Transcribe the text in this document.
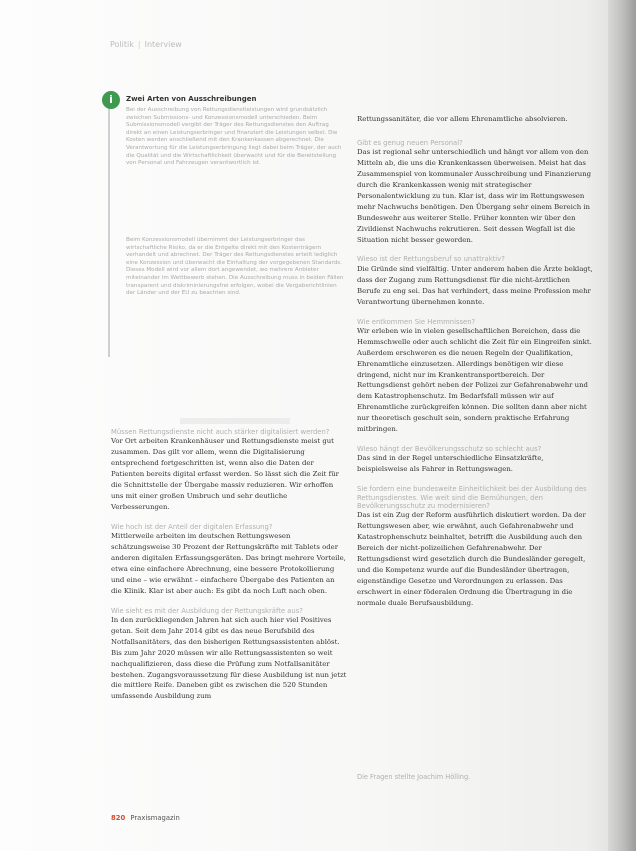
Politik | Interview
i	Zwei Arten von Ausschreibungen
Bei der Ausschreibung von Rettungsdienstleistungen wird grundsätzlich zwischen Submissions- und Konzessionsmodell unterschieden. Beim Submissionsmodell vergibt der Träger des Rettungsdienstes den Auftrag direkt an einen Leistungserbringer und finanziert die Leistungen selbst. Die Kosten werden anschließend mit den Krankenkassen abgerechnet. Die Verantwortung für die Leistungserbringung liegt dabei beim Träger, der auch die Qualität und die Wirtschaftlichkeit überwacht und für die Bereitstellung von Personal und Fahrzeugen verantwortlich ist.
Beim Konzessionsmodell übernimmt der Leistungserbringer das wirtschaftliche Risiko, da er die Entgelte direkt mit den Kostenträgern verhandelt und abrechnet. Der Träger des Rettungsdienstes erteilt lediglich eine Konzession und überwacht die Einhaltung der vorgegebenen Standards. Dieses Modell wird vor allem dort angewendet, wo mehrere Anbieter miteinander im Wettbewerb stehen. Die Ausschreibung muss in beiden Fällen transparent und diskriminierungsfrei erfolgen, wobei die Vergaberichtlinien der Länder und der EU zu beachten sind.

Müssen Rettungsdienste nicht auch stärker digitalisiert werden?

Vor Ort arbeiten Krankenhäuser und Rettungsdienste meist gut zusammen. Das gilt vor allem, wenn die Digitalisierung entsprechend fortgeschritten ist, wenn also die Daten der Patienten bereits digital erfasst werden. So lässt sich die Zeit für die Schnittstelle der Übergabe massiv reduzieren. Wir erhoffen uns mit einer großen Umbruch und sehr deutliche Verbesserungen.

Wie hoch ist der Anteil der digitalen Erfassung?

Mittlerweile arbeiten im deutschen Rettungswesen schätzungsweise 30 Prozent der Rettungskräfte mit Tablets oder anderen digitalen Erfassungsgeräten. Das bringt mehrere Vorteile, etwa eine einfachere Abrechnung, eine bessere Protokollierung und eine – wie erwähnt – einfachere Übergabe des Patienten an die Klinik. Klar ist aber auch: Es gibt da noch Luft nach oben.

Wie sieht es mit der Ausbildung der Rettungskräfte aus?

In den zurückliegenden Jahren hat sich auch hier viel Positives getan. Seit dem Jahr 2014 gibt es das neue Berufsbild des Notfallsanitäters, das den bisherigen Rettungsassistenten ablöst. Bis zum Jahr 2020 müssen wir alle Rettungsassistenten so weit nachqualifizieren, dass diese die Prüfung zum Notfallsanitäter bestehen. Zugangsvoraussetzung für diese Ausbildung ist nun jetzt die mittlere Reife. Daneben gibt es zwischen die 520 Stunden umfassende Ausbildung zum

Rettungssanitäter, die vor allem Ehrenamtliche absolvieren.

Gibt es genug neuen Personal?

Das ist regional sehr unterschiedlich und hängt vor allem von den Mitteln ab, die uns die Krankenkassen überweisen. Meist hat das Zusammenspiel von kommunaler Ausschreibung und Finanzierung durch die Krankenkassen wenig mit strategischer Personalentwicklung zu tun. Klar ist, dass wir im Rettungswesen mehr Nachwuchs benötigen. Den Übergang sehr einem Bereich in Bundeswehr aus weiterer Stelle. Früher konnten wir über den Zivildienst Nachwuchs rekrutieren. Seit dessen Wegfall ist die Situation nicht besser geworden.

Wieso ist der Rettungsberuf so unattraktiv?

Die Gründe sind vielfältig. Unter anderem haben die Ärzte beklagt, dass der Zugang zum Rettungsdienst für die nicht-ärztlichen Berufe zu eng sei. Das hat verhindert, dass meine Profession mehr Verantwortung übernehmen konnte.

Wie entkommen Sie Hemmnissen?

Wir erleben wie in vielen gesellschaftlichen Bereichen, dass die Hemmschwelle oder auch schlicht die Zeit für ein Eingreifen sinkt. Außerdem erschweren es die neuen Regeln der Qualifikation, Ehrenamtliche einzusetzen. Allerdings benötigen wir diese dringend, nicht nur im Krankentransportbereich. Der Rettungsdienst gehört neben der Polizei zur Gefahrenabwehr und dem Katastrophenschutz. Im Bedarfsfall müssen wir auf Ehrenamtliche zurückgreifen können. Die sollten dann aber nicht nur theoretisch geschult sein, sondern praktische Erfahrung mitbringen.

Wieso hängt der Bevölkerungsschutz so schlecht aus?

Das sind in der Regel unterschiedliche Einsatzkräfte, beispielsweise als Fahrer in Rettungswagen.

Sie fordern eine bundesweite Einheitlichkeit bei der Ausbildung des Rettungsdienstes. Wie weit sind die Bemühungen, den Bevölkerungsschutz zu modernisieren?

Das ist ein Zug der Reform ausführlich diskutiert worden. Da der Rettungswesen aber, wie erwähnt, auch Gefahrenabwehr und Katastrophenschutz beinhaltet, betrifft die Ausbildung auch den Bereich der nicht-polizeilichen Gefahrenabwehr. Der Rettungsdienst wird gesetzlich durch die Bundesländer geregelt, und die Kompetenz wurde auf die Bundesländer übertragen, eigenständige Gesetze und Verordnungen zu erlassen. Das erschwert in einer föderalen Ordnung die Übertragung in die normale duale Berufsausbildung.

Die Fragen stellte Joachim Hölling.
820 Praxismagazin
